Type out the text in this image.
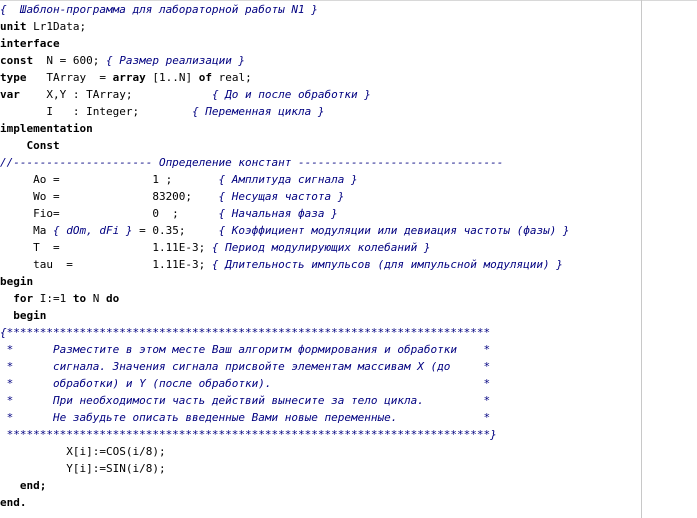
{  Шаблон-программа для лабораторной работы N1 }
unit Lr1Data;
interface
const  N = 600; { Размер реализации }
type   TArray  = array [1..N] of real;
var    X,Y : TArray;            { До и после обработки }
I   : Integer;        { Переменная цикла }
implementation
Const
//--------------------- Определение констант -------------------------------
Ao =              1 ;       { Амплитуда сигнала }
Wo =              83200;    { Несущая частота }
Fio=              0  ;      { Начальная фаза }
Ma { dOm, dFi } = 0.35;     { Коэффициент модуляции или девиация частоты (фазы) }
T  =              1.11E-3; { Период модулирующих колебаний }
tau  =            1.11E-3; { Длительность импульсов (для импульсной модуляции) }
begin
for I:=1 to N do
begin
{*************************************************************************
*      Разместите в этом месте Ваш алгоритм формирования и обработки    *
*      сигнала. Значения сигнала присвойте элементам массивам X (до     *
*      обработки) и Y (после обработки).                                *
*      При необходимости часть действий вынесите за тело цикла.         *
*      Не забудьте описать введенные Вами новые переменные.             *
*************************************************************************}
X[i]:=COS(i/8);
Y[i]:=SIN(i/8);
end;
end.
